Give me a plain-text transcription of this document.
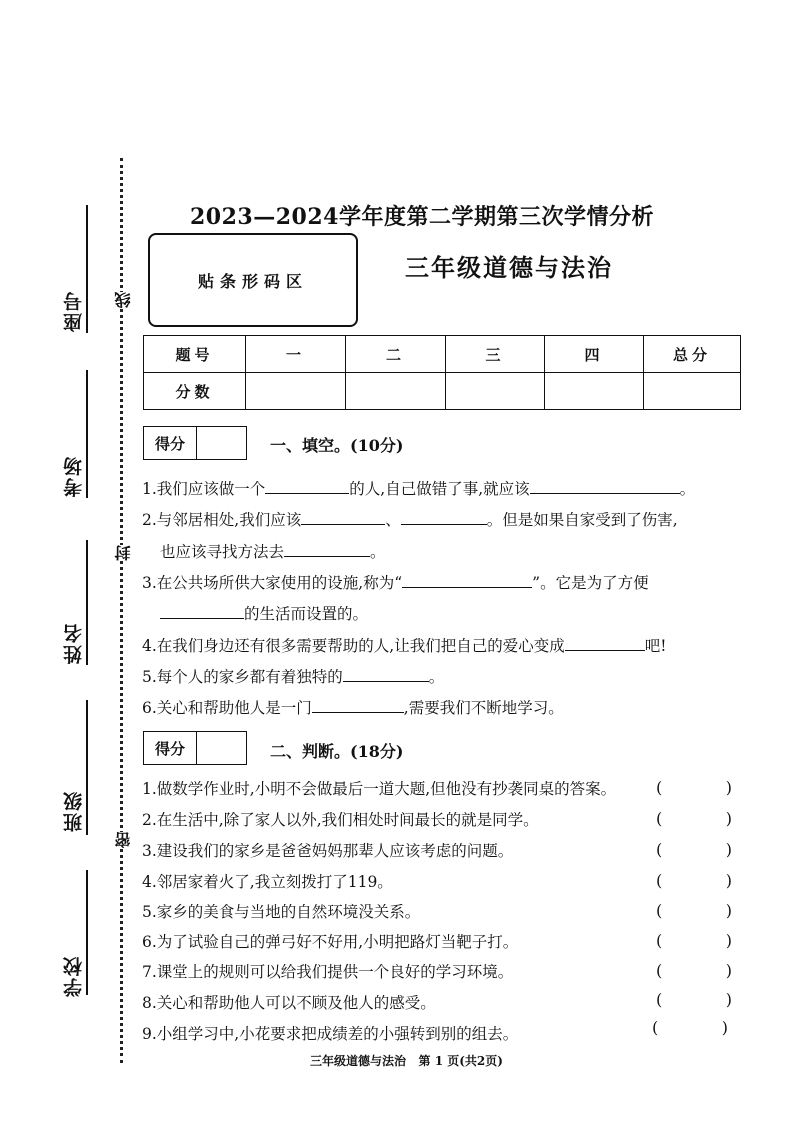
座号
考场
姓名
班级
学校
线
封
密
2023—2024学年度第二学期第三次学情分析
贴条形码区	三年级道德与法治
题号	一	二	三	四	总分
分数					
得分	一、填空。(10分)
1.我们应该做一个	的人,自己做错了事,就应该	。
2.与邻居相处,我们应该	、	。但是如果自家受到了伤害,
也应该寻找方法去	。
3.在公共场所供大家使用的设施,称为“	”。它是为了方便
的生活而设置的。
4.在我们身边还有很多需要帮助的人,让我们把自己的爱心变成	吧!
5.每个人的家乡都有着独特的	。
6.关心和帮助他人是一门	,需要我们不断地学习。
得分	二、判断。(18分)
1.做数学作业时,小明不会做最后一道大题,但他没有抄袭同桌的答案。 (	)
2.在生活中,除了家人以外,我们相处时间最长的就是同学。	(	)
3.建设我们的家乡是爸爸妈妈那辈人应该考虑的问题。	(	)
4.邻居家着火了,我立刻拨打了119。	(	)
5.家乡的美食与当地的自然环境没关系。	(	)
6.为了试验自己的弹弓好不好用,小明把路灯当靶子打。	(	)
7.课堂上的规则可以给我们提供一个良好的学习环境。	(	)
8.关心和帮助他人可以不顾及他人的感受。	(	)
9.小组学习中,小花要求把成绩差的小强转到别的组去。	(	)
三年级道德与法治   第 1 页(共2页)
